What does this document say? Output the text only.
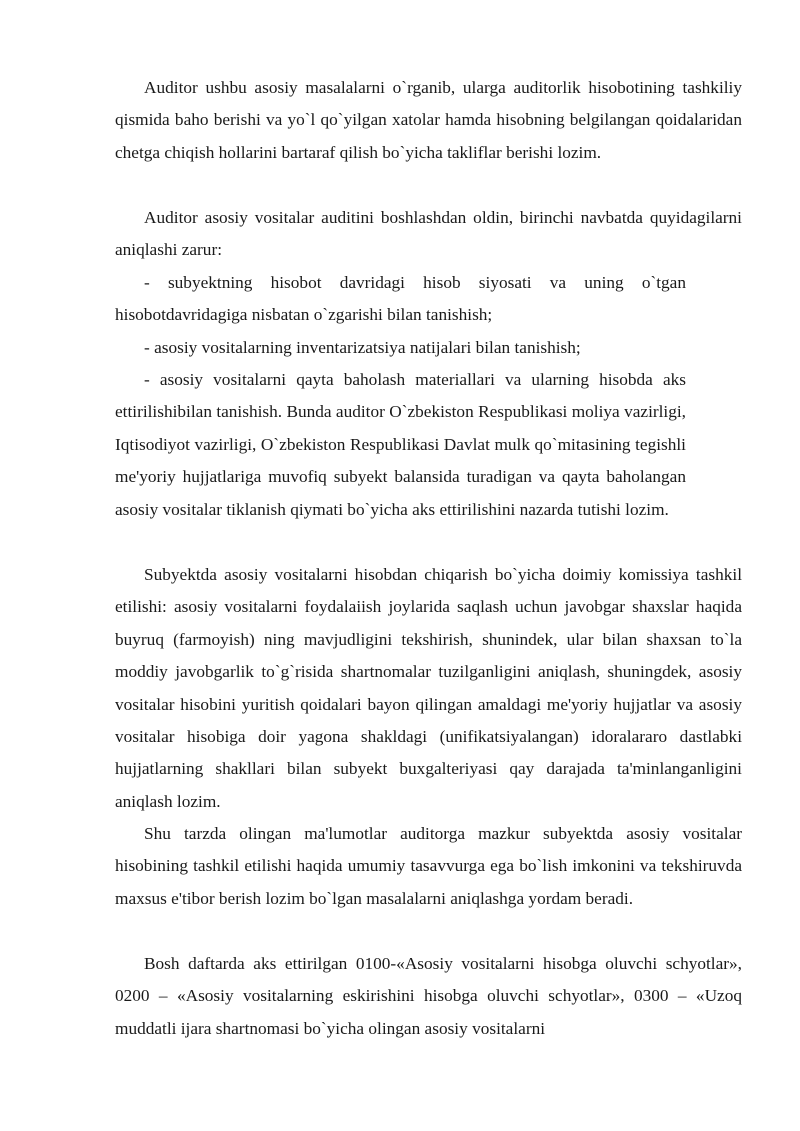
Auditor ushbu asosiy masalalarni o`rganib, ularga auditorlik hisobotining tashkiliy qismida baho berishi va yo`l qo`yilgan xatolar hamda hisobning belgilangan qoidalaridan chetga chiqish hollarini bartaraf qilish bo`yicha takliflar berishi lozim.

Auditor asosiy vositalar auditini boshlashdan oldin, birinchi navbatda quyidagilarni aniqlashi zarur:

- subyektning hisobot davridagi hisob siyosati va uning o`tgan hisobotdavridagiga nisbatan o`zgarishi bilan tanishish;

- asosiy vositalarning inventarizatsiya natijalari bilan tanishish;

- asosiy vositalarni qayta baholash materiallari va ularning hisobda aks ettirilishibilan tanishish. Bunda auditor O`zbekiston Respublikasi moliya vazirligi, Iqtisodiyot vazirligi, O`zbekiston Respublikasi Davlat mulk qo`mitasining tegishli me'yoriy hujjatlariga muvofiq subyekt balansida turadigan va qayta baholangan asosiy vositalar tiklanish qiymati bo`yicha aks ettirilishini nazarda tutishi lozim.

Subyektda asosiy vositalarni hisobdan chiqarish bo`yicha doimiy komissiya tashkil etilishi: asosiy vositalarni foydalaiish joylarida saqlash uchun javobgar shaxslar haqida buyruq (farmoyish) ning mavjudligini tekshirish, shunindek, ular bilan shaxsan to`la moddiy javobgarlik to`g`risida shartnomalar tuzilganligini aniqlash, shuningdek, asosiy vositalar hisobini yuritish qoidalari bayon qilingan amaldagi me'yoriy hujjatlar va asosiy vositalar hisobiga doir yagona shakldagi (unifikatsiyalangan) idoralararo dastlabki hujjatlarning shakllari bilan subyekt buxgalteriyasi qay darajada ta'minlanganligini aniqlash lozim.

Shu tarzda olingan ma'lumotlar auditorga mazkur subyektda asosiy vositalar hisobining tashkil etilishi haqida umumiy tasavvurga ega bo`lish imkonini va tekshiruvda maxsus e'tibor berish lozim bo`lgan masalalarni aniqlashga yordam beradi.

Bosh daftarda aks ettirilgan 0100-«Asosiy vositalarni hisobga oluvchi schyotlar», 0200 – «Asosiy vositalarning eskirishini hisobga oluvchi schyotlar», 0300 – «Uzoq muddatli ijara shartnomasi bo`yicha olingan asosiy vositalarni
